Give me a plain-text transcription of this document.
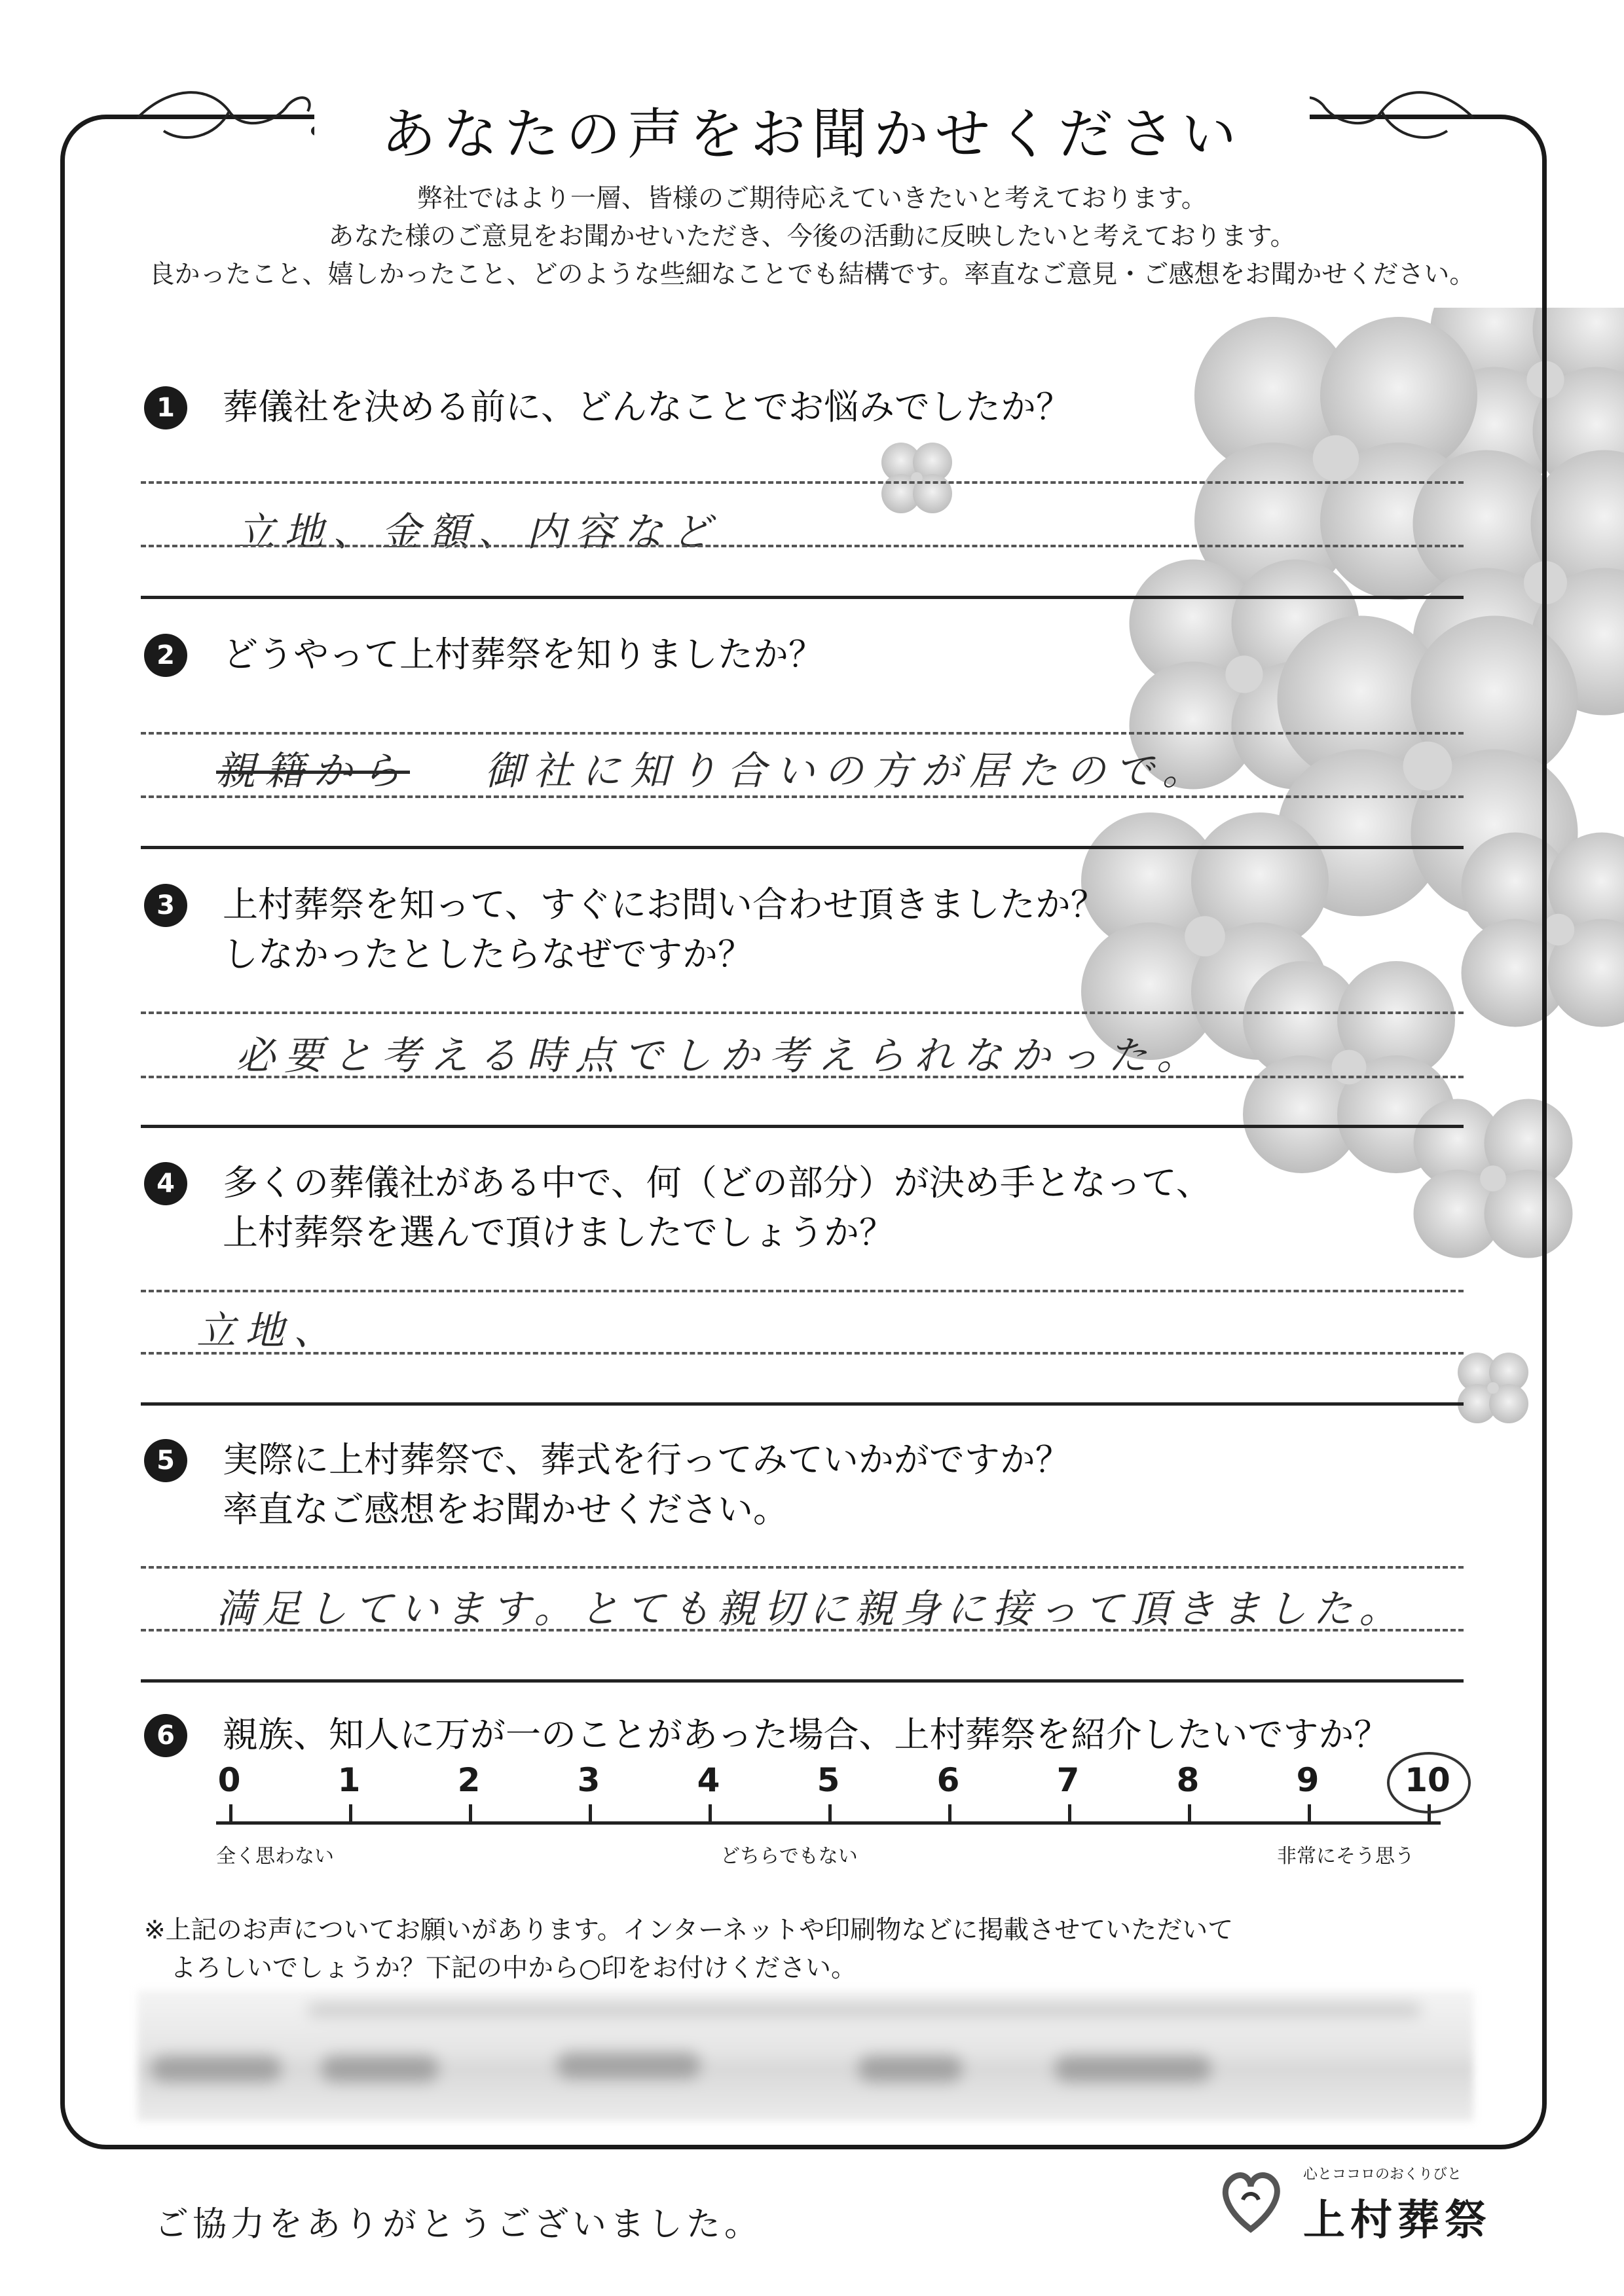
あなたの声をお聞かせください
弊社ではより一層、皆様のご期待応えていきたいと考えております。
あなた様のご意見をお聞かせいただき、今後の活動に反映したいと考えております。
良かったこと、嬉しかったこと、どのような些細なことでも結構です。率直なご意見・ご感想をお聞かせください。
1	葬儀社を決める前に、どんなことでお悩みでしたか？
立地、金額、内容など
2	どうやって上村葬祭を知りましたか？
親籍から 御社に知り合いの方が居たので。
3	上村葬祭を知って、すぐにお問い合わせ頂きましたか？
しなかったとしたらなぜですか？
必要と考える時点でしか考えられなかった。
4	多くの葬儀社がある中で、何（どの部分）が決め手となって、
上村葬祭を選んで頂けましたでしょうか？
立地、
5	実際に上村葬祭で、葬式を行ってみていかがですか？
率直なご感想をお聞かせください。
満足しています。とても親切に親身に接って頂きました。
6	親族、知人に万が一のことがあった場合、上村葬祭を紹介したいですか？
0	1	2	3	4	5	6	7	8	9	10
全く思わない	どちらでもない	非常にそう思う
※上記のお声についてお願いがあります。インターネットや印刷物などに掲載させていただいて
よろしいでしょうか？下記の中から○印をお付けください。
ご協力をありがとうございました。
心とココロのおくりびと
上村葬祭
